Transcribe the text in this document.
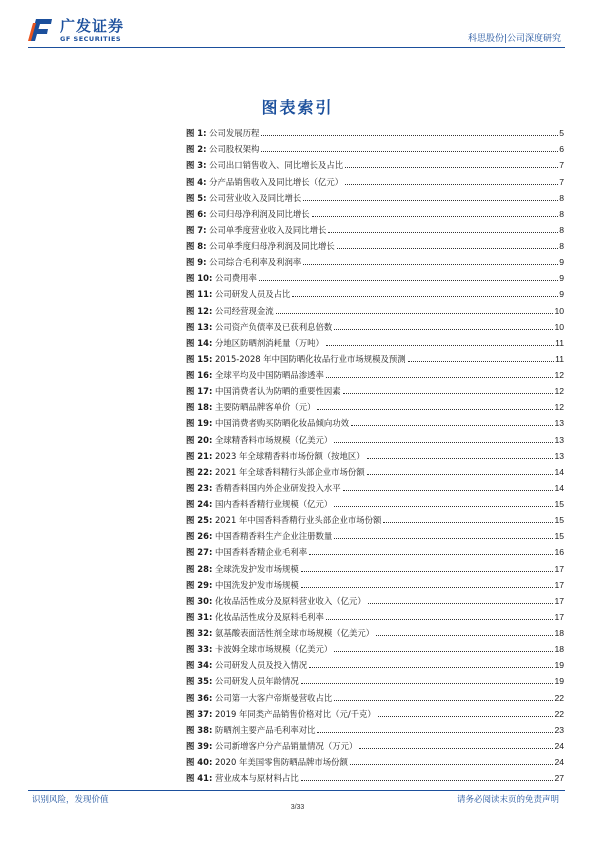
广发证券
GF SECURITIES	科思股份|公司深度研究
图表索引
图 1: 公司发展历程	5
图 2: 公司股权架构	6
图 3: 公司出口销售收入、同比增长及占比	7
图 4: 分产品销售收入及同比增长（亿元）	7
图 5: 公司营业收入及同比增长	8
图 6: 公司归母净利润及同比增长	8
图 7: 公司单季度营业收入及同比增长	8
图 8: 公司单季度归母净利润及同比增长	8
图 9: 公司综合毛利率及利润率	9
图 10: 公司费用率	9
图 11: 公司研发人员及占比	9
图 12: 公司经营现金流	10
图 13: 公司资产负债率及已获利息倍数	10
图 14: 分地区防晒剂消耗量（万吨）	11
图 15: 2015-2028 年中国防晒化妆品行业市场规模及预测	11
图 16: 全球平均及中国防晒品渗透率	12
图 17: 中国消费者认为防晒的重要性因素	12
图 18: 主要防晒品牌客单价（元）	12
图 19: 中国消费者购买防晒化妆品倾向功效	13
图 20: 全球精香料市场规模（亿美元）	13
图 21: 2023 年全球精香料市场份额（按地区）	13
图 22: 2021 年全球香料精行头部企业市场份额	14
图 23: 香精香料国内外企业研发投入水平	14
图 24: 国内香料香精行业规模（亿元）	15
图 25: 2021 年中国香料香精行业头部企业市场份额	15
图 26: 中国香精香料生产企业注册数量	15
图 27: 中国香料香精企业毛利率	16
图 28: 全球洗发护发市场规模	17
图 29: 中国洗发护发市场规模	17
图 30: 化妆品活性成分及原料营业收入（亿元）	17
图 31: 化妆品活性成分及原料毛利率	17
图 32: 氨基酸表面活性剂全球市场规模（亿美元）	18
图 33: 卡波姆全球市场规模（亿美元）	18
图 34: 公司研发人员及投入情况	19
图 35: 公司研发人员年龄情况	19
图 36: 公司第一大客户帝斯曼营收占比	22
图 37: 2019 年同类产品销售价格对比（元/千克）	22
图 38: 防晒剂主要产品毛利率对比	23
图 39: 公司新增客户分产品销量情况（万元）	24
图 40: 2020 年美国零售防晒品牌市场份额	24
图 41: 营业成本与原材料占比	27
识别风险，发现价值	请务必阅读末页的免责声明
3/33
